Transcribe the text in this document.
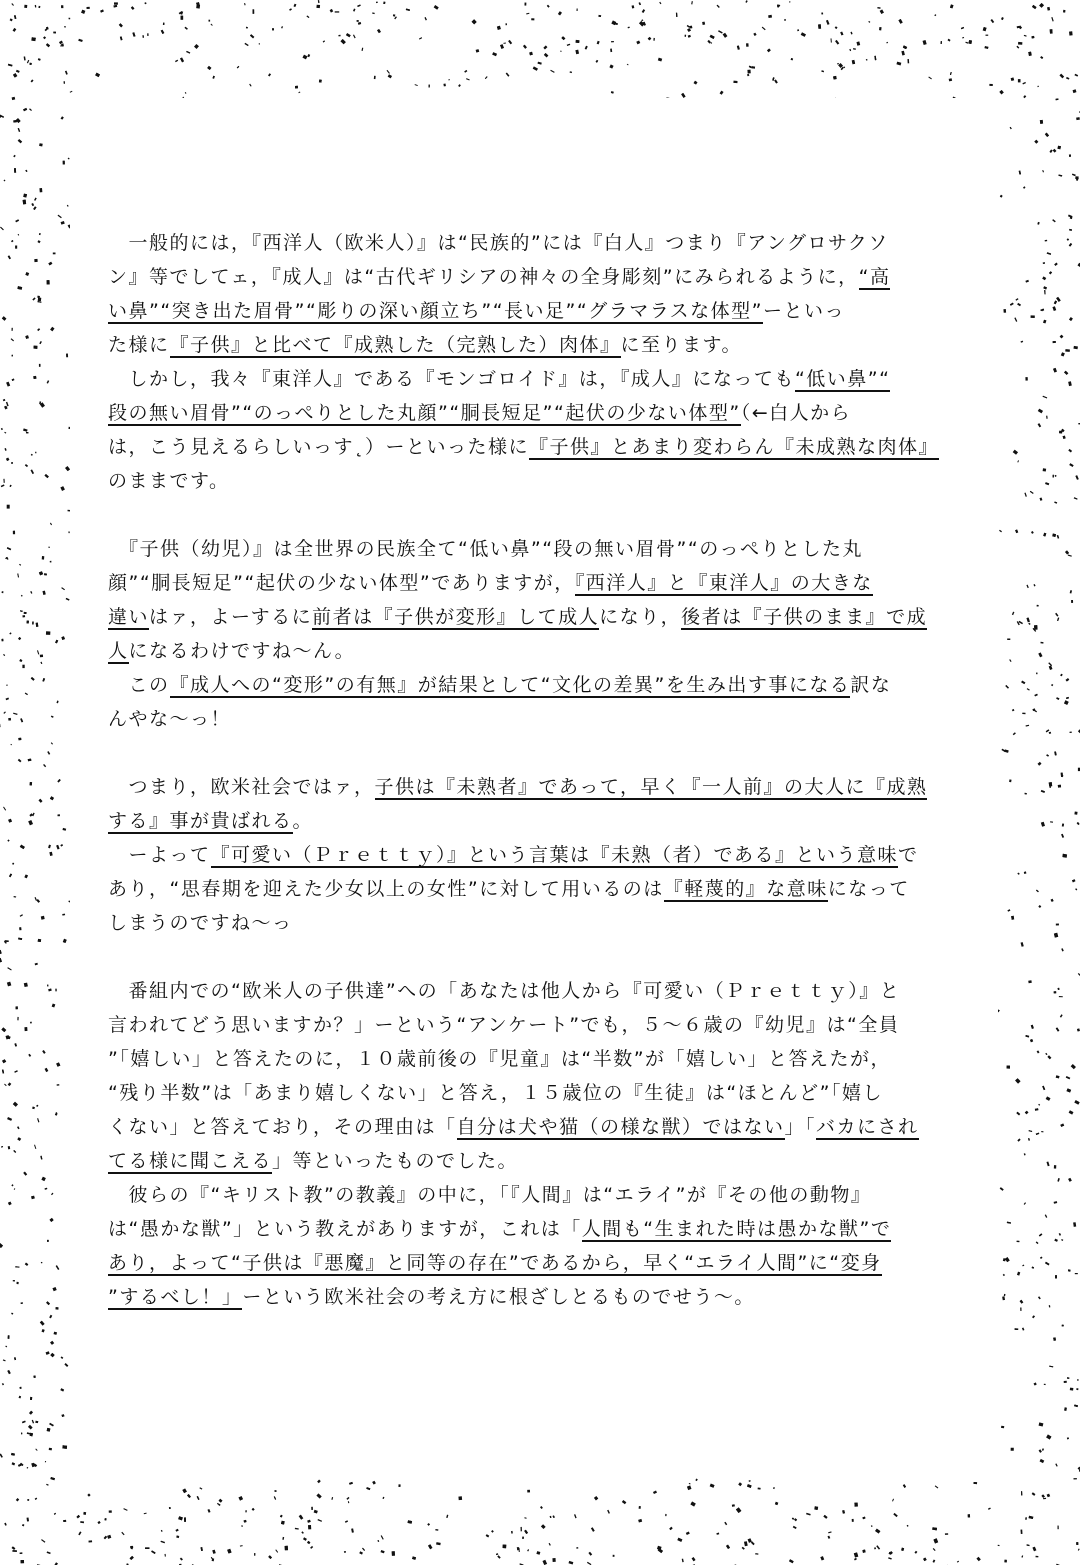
　一般的には，『西洋人（欧米人）』は“民族的”には『白人』つまり『アングロサクソ
ン』等でしてェ，『成人』は“古代ギリシアの神々の全身彫刻”にみられるように，“高
い鼻”“突き出た眉骨”“彫りの深い顔立ち”“長い足”“グラマラスな体型”ーといっ
た様に『子供』と比べて『成熟した（完熟した）肉体』に至ります。
　しかし，我々『東洋人』である『モンゴロイド』は，『成人』になっても“低い鼻”“
段の無い眉骨”“のっぺりとした丸顔”“胴長短足”“起伏の少ない体型”（←白人から
は，こう見えるらしいっす˛）ーといった様に『子供』とあまり変わらん『未成熟な肉体』
のままです。
　『子供（幼児）』は全世界の民族全て“低い鼻”“段の無い眉骨”“のっぺりとした丸
顔”“胴長短足”“起伏の少ない体型”でありますが，『西洋人』と『東洋人』の大きな
違いはァ，よーするに前者は『子供が変形』して成人になり，後者は『子供のまま』で成
人になるわけですね〜ん。
　この『成人への“変形”の有無』が結果として“文化の差異”を生み出す事になる訳な
んやな〜っ！
　つまり，欧米社会ではァ，子供は『未熟者』であって，早く『一人前』の大人に『成熟
する』事が貴ばれる。
　ーよって『可愛い（Ｐｒｅｔｔｙ）』という言葉は『未熟（者）である』という意味で
あり，“思春期を迎えた少女以上の女性”に対して用いるのは『軽蔑的』な意味になって
しまうのですね〜っ
　番組内での“欧米人の子供達”への「あなたは他人から『可愛い（Ｐｒｅｔｔｙ）』と
言われてどう思いますか？」ーという“アンケート”でも，５〜６歳の『幼児』は“全員
”「嬉しい」と答えたのに，１０歳前後の『児童』は“半数”が「嬉しい」と答えたが，
“残り半数”は「あまり嬉しくない」と答え，１５歳位の『生徒』は“ほとんど”「嬉し
くない」と答えており，その理由は「自分は犬や猫（の様な獣）ではない」「バカにされ
てる様に聞こえる」等といったものでした。
　彼らの『“キリスト教”の教義』の中に，「『人間』は“エライ”が『その他の動物』
は“愚かな獣”」という教えがありますが，これは「人間も“生まれた時は愚かな獣”で
あり，よって“子供は『悪魔』と同等の存在”であるから，早く“エライ人間”に“変身
”するべし！」ーという欧米社会の考え方に根ざしとるものでせう〜。
